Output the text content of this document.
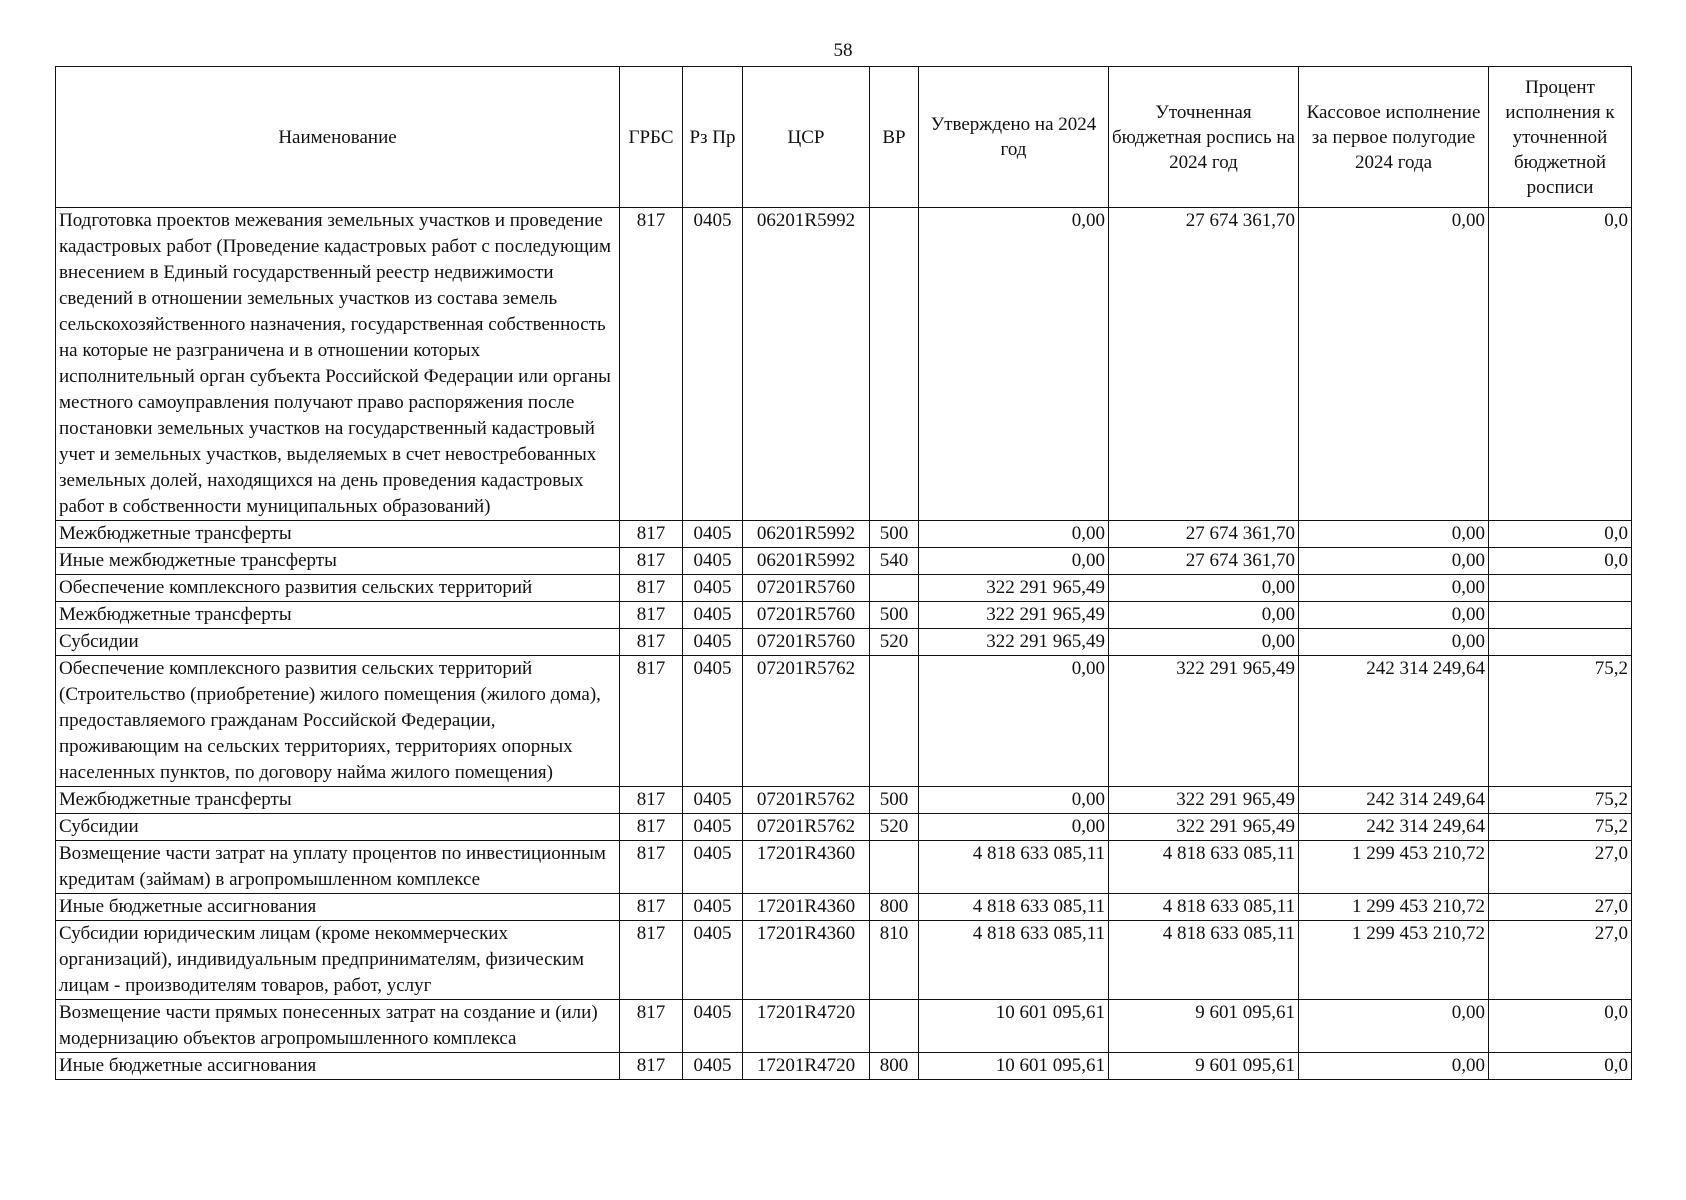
58
Наименование	ГРБС	Рз Пр	ЦСР	ВР	Утверждено на 2024 год	Уточненная бюджетная роспись на 2024 год	Кассовое исполнение за первое полугодие 2024 года	Процент исполнения к уточненной бюджетной росписи
Подготовка проектов межевания земельных участков и проведение кадастровых работ (Проведение кадастровых работ с последующим внесением в Единый государственный реестр недвижимости сведений в отношении земельных участков из состава земель сельскохозяйственного назначения, государственная собственность на которые не разграничена и в отношении которых исполнительный орган субъекта Российской Федерации или органы местного самоуправления получают право распоряжения после постановки земельных участков на государственный кадастровый учет и земельных участков, выделяемых в счет невостребованных земельных долей, находящихся на день проведения кадастровых работ в собственности муниципальных образований)	817	0405	06201R5992		0,00	27 674 361,70	0,00	0,0
Межбюджетные трансферты	817	0405	06201R5992	500	0,00	27 674 361,70	0,00	0,0
Иные межбюджетные трансферты	817	0405	06201R5992	540	0,00	27 674 361,70	0,00	0,0
Обеспечение комплексного развития сельских территорий	817	0405	07201R5760		322 291 965,49	0,00	0,00	
Межбюджетные трансферты	817	0405	07201R5760	500	322 291 965,49	0,00	0,00	
Субсидии	817	0405	07201R5760	520	322 291 965,49	0,00	0,00	
Обеспечение комплексного развития сельских территорий (Строительство (приобретение) жилого помещения (жилого дома), предоставляемого гражданам Российской Федерации, проживающим на сельских территориях, территориях опорных населенных пунктов, по договору найма жилого помещения)	817	0405	07201R5762		0,00	322 291 965,49	242 314 249,64	75,2
Межбюджетные трансферты	817	0405	07201R5762	500	0,00	322 291 965,49	242 314 249,64	75,2
Субсидии	817	0405	07201R5762	520	0,00	322 291 965,49	242 314 249,64	75,2
Возмещение части затрат на уплату процентов по инвестиционным кредитам (займам) в агропромышленном комплексе	817	0405	17201R4360		4 818 633 085,11	4 818 633 085,11	1 299 453 210,72	27,0
Иные бюджетные ассигнования	817	0405	17201R4360	800	4 818 633 085,11	4 818 633 085,11	1 299 453 210,72	27,0
Субсидии юридическим лицам (кроме некоммерческих организаций), индивидуальным предпринимателям, физическим лицам - производителям товаров, работ, услуг	817	0405	17201R4360	810	4 818 633 085,11	4 818 633 085,11	1 299 453 210,72	27,0
Возмещение части прямых понесенных затрат на создание и (или) модернизацию объектов агропромышленного комплекса	817	0405	17201R4720		10 601 095,61	9 601 095,61	0,00	0,0
Иные бюджетные ассигнования	817	0405	17201R4720	800	10 601 095,61	9 601 095,61	0,00	0,0
